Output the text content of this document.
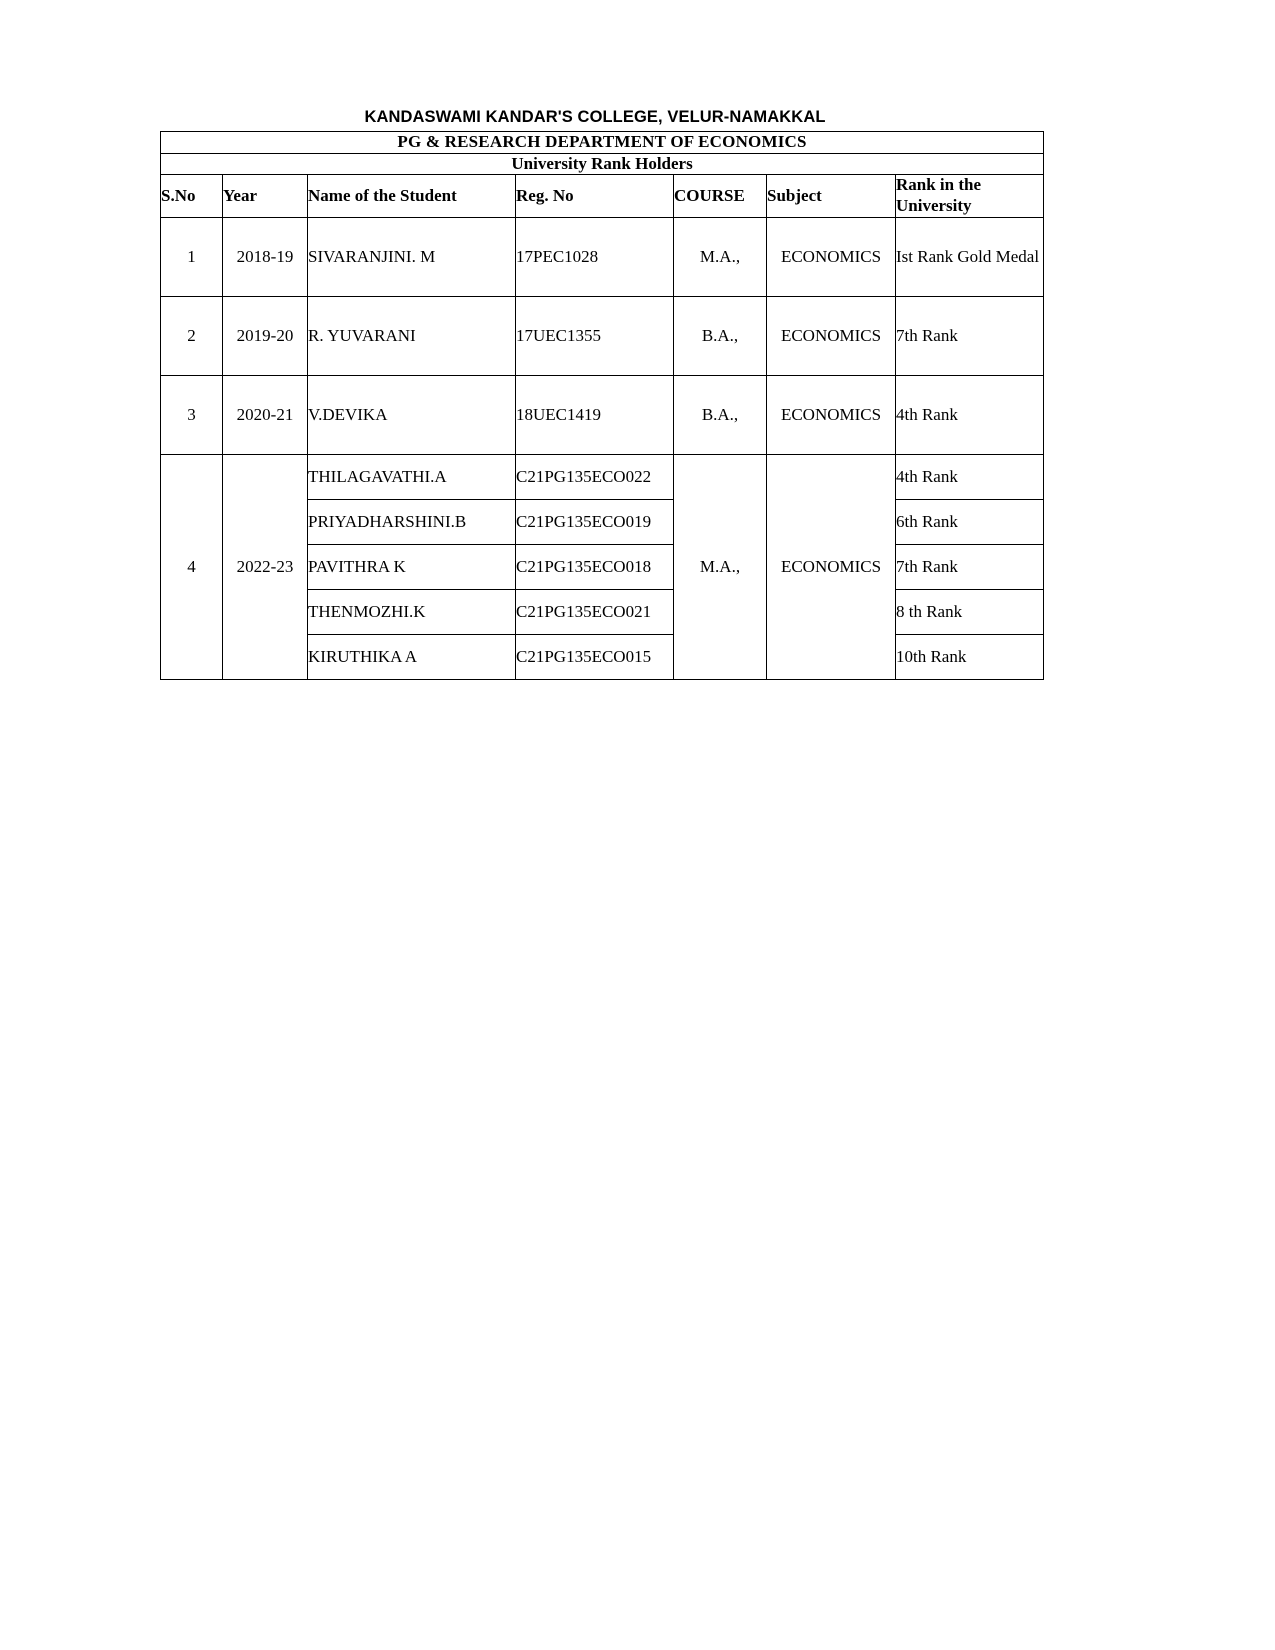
KANDASWAMI KANDAR'S COLLEGE, VELUR-NAMAKKAL
PG & RESEARCH DEPARTMENT OF ECONOMICS						
University Rank Holders						
S.No	Year	Name of the Student	Reg. No	COURSE	Subject	Rank in the University
1	2018-19	SIVARANJINI. M	17PEC1028	M.A.,	ECONOMICS	Ist Rank Gold Medal
2	2019-20	R. YUVARANI	17UEC1355	B.A.,	ECONOMICS	7th Rank
3	2020-21	V.DEVIKA	18UEC1419	B.A.,	ECONOMICS	4th Rank
4	2022-23	THILAGAVATHI.A	C21PG135ECO022	M.A.,	ECONOMICS	4th Rank
		PRIYADHARSHINI.B	C21PG135ECO019			6th Rank
		PAVITHRA K	C21PG135ECO018			7th Rank
		THENMOZHI.K	C21PG135ECO021			8 th Rank
		KIRUTHIKA A	C21PG135ECO015			10th Rank
